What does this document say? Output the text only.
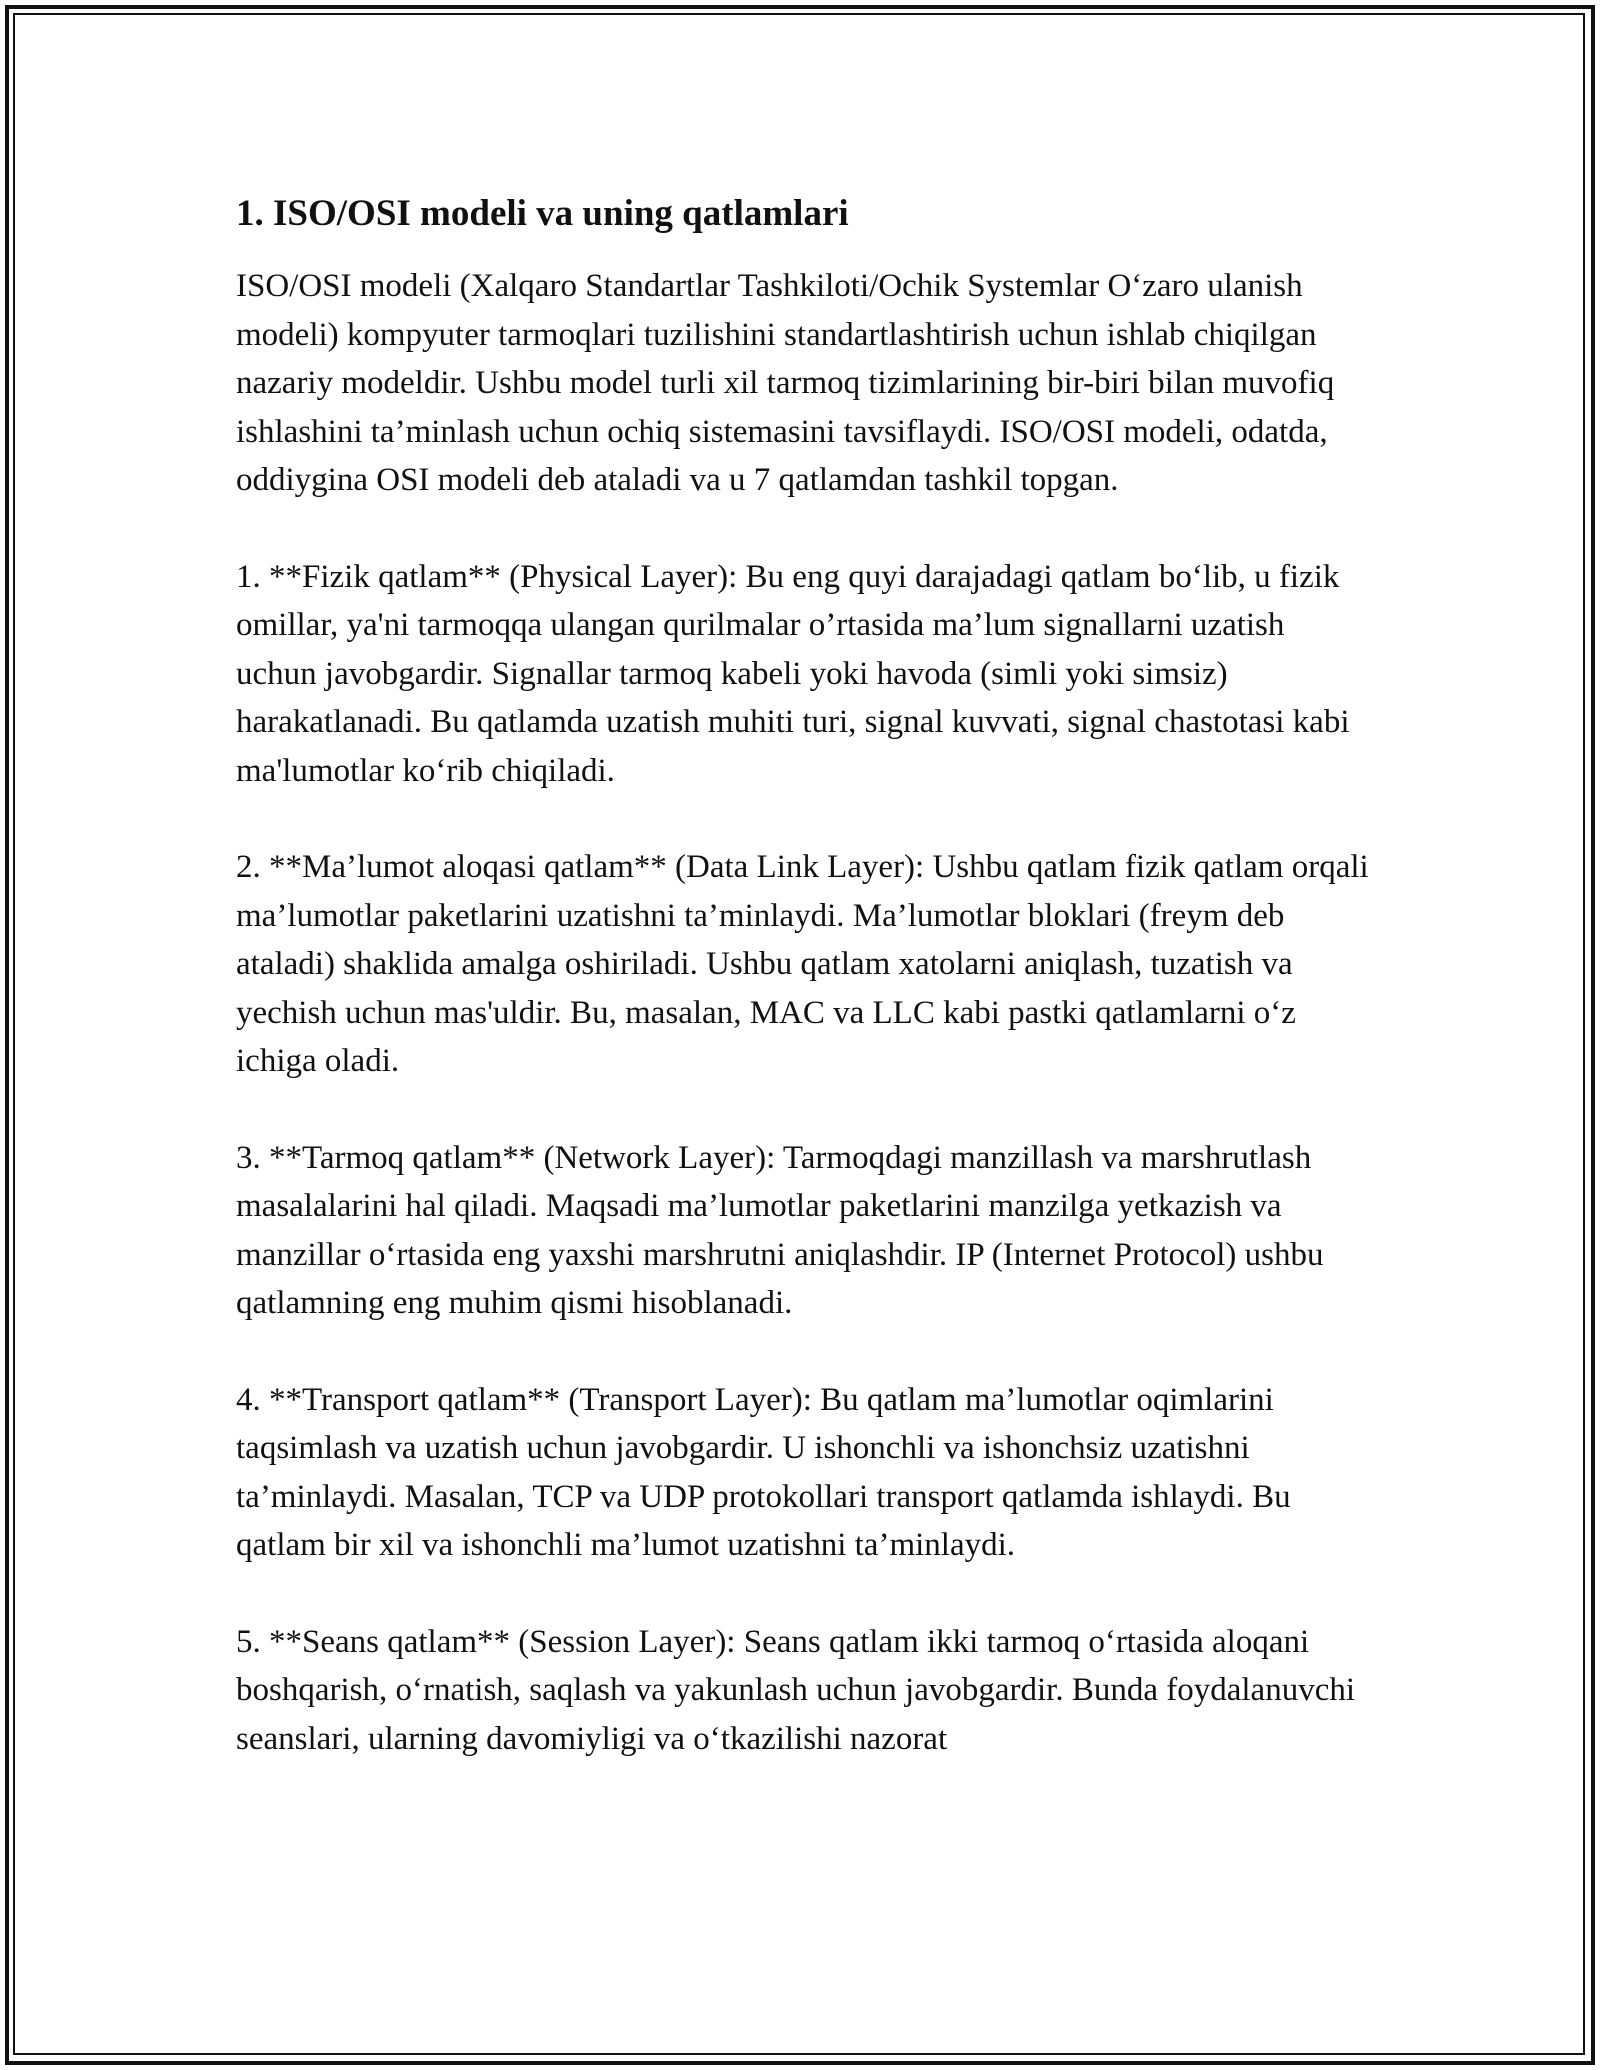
1. ISO/OSI modeli va uning qatlamlari

ISO/OSI modeli (Xalqaro Standartlar Tashkiloti/Ochik Systemlar O‘zaro ulanish modeli) kompyuter tarmoqlari tuzilishini standartlashtirish uchun ishlab chiqilgan nazariy modeldir. Ushbu model turli xil tarmoq tizimlarining bir-biri bilan muvofiq ishlashini ta’minlash uchun ochiq sistemasini tavsiflaydi. ISO/OSI modeli, odatda, oddiygina OSI modeli deb ataladi va u 7 qatlamdan tashkil topgan.

1. **Fizik qatlam** (Physical Layer): Bu eng quyi darajadagi qatlam bo‘lib, u fizik omillar, ya'ni tarmoqqa ulangan qurilmalar o’rtasida ma’lum signallarni uzatish uchun javobgardir. Signallar tarmoq kabeli yoki havoda (simli yoki simsiz) harakatlanadi. Bu qatlamda uzatish muhiti turi, signal kuvvati, signal chastotasi kabi ma'lumotlar ko‘rib chiqiladi.

2. **Ma’lumot aloqasi qatlam** (Data Link Layer): Ushbu qatlam fizik qatlam orqali ma’lumotlar paketlarini uzatishni ta’minlaydi. Ma’lumotlar bloklari (freym deb ataladi) shaklida amalga oshiriladi. Ushbu qatlam xatolarni aniqlash, tuzatish va yechish uchun mas'uldir. Bu, masalan, MAC va LLC kabi pastki qatlamlarni o‘z ichiga oladi.

3. **Tarmoq qatlam** (Network Layer): Tarmoqdagi manzillash va marshrutlash masalalarini hal qiladi. Maqsadi ma’lumotlar paketlarini manzilga yetkazish va manzillar o‘rtasida eng yaxshi marshrutni aniqlashdir. IP (Internet Protocol) ushbu qatlamning eng muhim qismi hisoblanadi.

4. **Transport qatlam** (Transport Layer): Bu qatlam ma’lumotlar oqimlarini taqsimlash va uzatish uchun javobgardir. U ishonchli va ishonchsiz uzatishni ta’minlaydi. Masalan, TCP va UDP protokollari transport qatlamda ishlaydi. Bu qatlam bir xil va ishonchli ma’lumot uzatishni ta’minlaydi.

5. **Seans qatlam** (Session Layer): Seans qatlam ikki tarmoq o‘rtasida aloqani boshqarish, o‘rnatish, saqlash va yakunlash uchun javobgardir. Bunda foydalanuvchi seanslari, ularning davomiyligi va o‘tkazilishi nazorat
